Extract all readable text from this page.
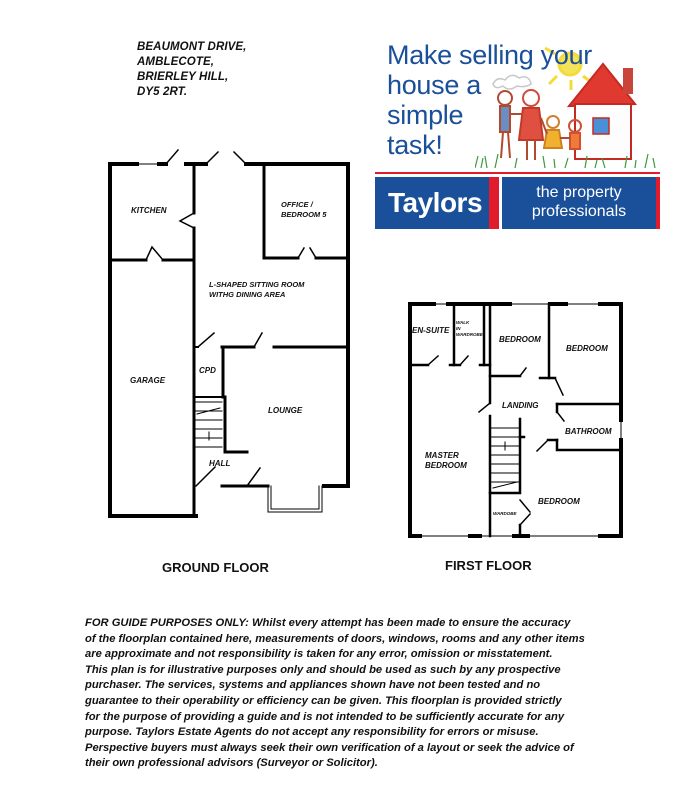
BEAUMONT DRIVE,
AMBLECOTE,
BRIERLEY HILL,
DY5 2RT.
Make selling your
house a
simple
task!
Taylors	the property
professionals
KITCHEN
OFFICE /
BEDROOM 5
L-SHAPED SITTING ROOM
WITHG DINING AREA
GARAGE
CPD
LOUNGE
HALL
EN-SUITE
WALK
IN
WARDROBE
BEDROOM
BEDROOM
LANDING
BATHROOM
MASTER
BEDROOM
BEDROOM
WARDOBE
GROUND FLOOR	FIRST FLOOR
FOR GUIDE PURPOSES ONLY: Whilst every attempt has been made to ensure the accuracy
of the floorplan contained here, measurements of doors, windows, rooms and any other items
are approximate and not responsibility is taken for any error, omission or misstatement.
This plan is for illustrative purposes only and should be used as such by any prospective
purchaser. The services, systems and appliances shown have not been tested and no
guarantee to their operability or efficiency can be given. This floorplan is provided strictly
for the purpose of providing a guide and is not intended to be sufficiently accurate for any
purpose. Taylors Estate Agents do not accept any responsibility for errors or misuse.
Perspective buyers must always seek their own verification of a layout or seek the advice of
their own professional advisors (Surveyor or Solicitor).
